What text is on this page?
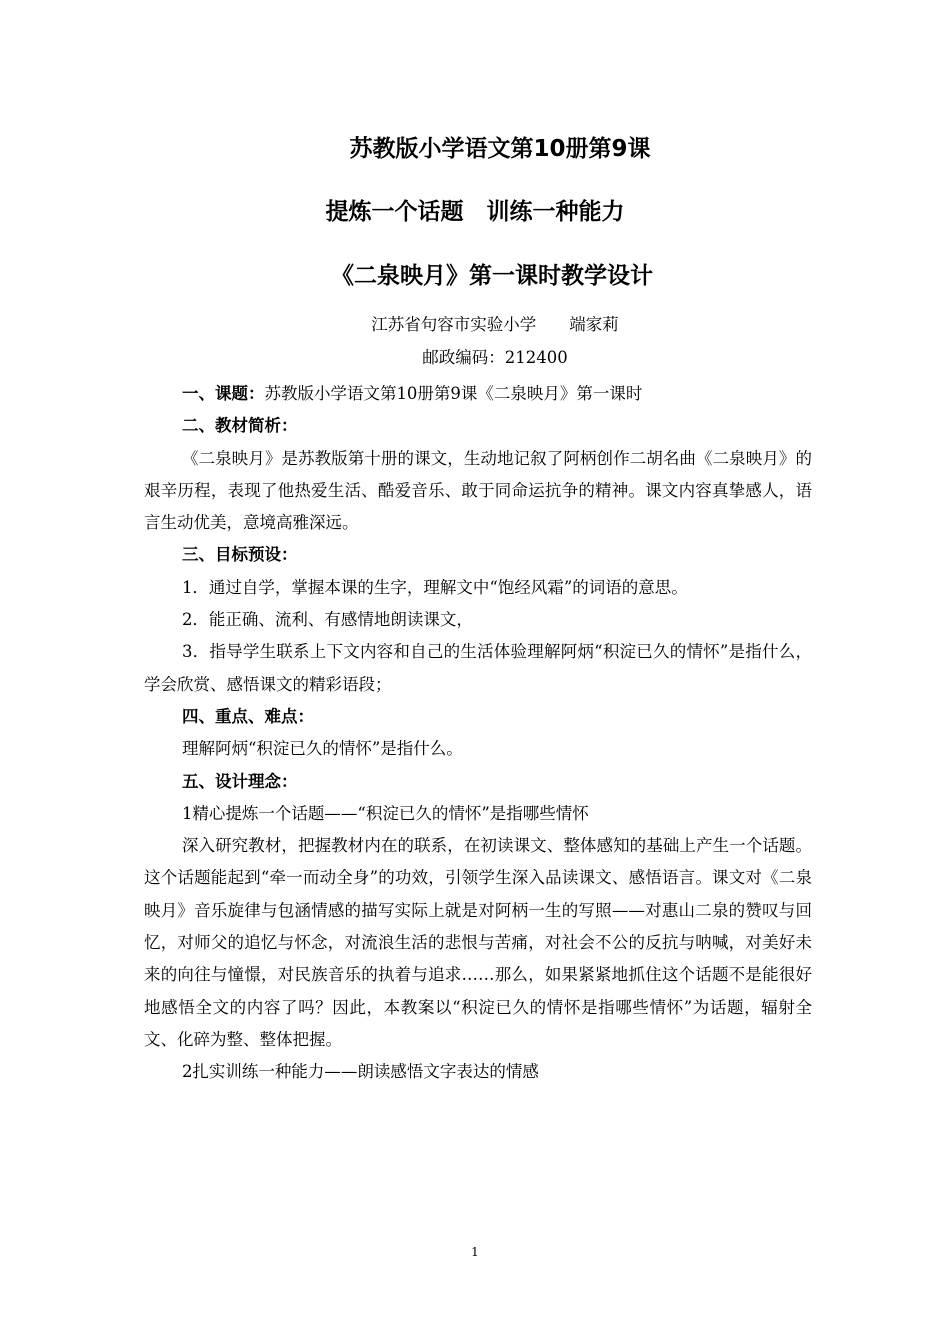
苏教版小学语文第10册第9课
提炼一个话题　训练一种能力
《二泉映月》第一课时教学设计
江苏省句容市实验小学　　端家莉
邮政编码：212400

一、课题：苏教版小学语文第10册第9课《二泉映月》第一课时

二、教材简析：

《二泉映月》是苏教版第十册的课文，生动地记叙了阿柄创作二胡名曲《二泉映月》的艰辛历程，表现了他热爱生活、酷爱音乐、敢于同命运抗争的精神。课文内容真挚感人，语言生动优美，意境高雅深远。

三、目标预设：

1．通过自学，掌握本课的生字，理解文中“饱经风霜”的词语的意思。

2．能正确、流利、有感情地朗读课文，

3．指导学生联系上下文内容和自己的生活体验理解阿炳“积淀已久的情怀”是指什么，学会欣赏、感悟课文的精彩语段；

四、重点、难点：

理解阿炳“积淀已久的情怀”是指什么。

五、设计理念：

1精心提炼一个话题——“积淀已久的情怀”是指哪些情怀

深入研究教材，把握教材内在的联系，在初读课文、整体感知的基础上产生一个话题。这个话题能起到“牵一而动全身”的功效，引领学生深入品读课文、感悟语言。课文对《二泉映月》音乐旋律与包涵情感的描写实际上就是对阿柄一生的写照——对惠山二泉的赞叹与回忆，对师父的追忆与怀念，对流浪生活的悲恨与苦痛，对社会不公的反抗与呐喊，对美好未来的向往与憧憬，对民族音乐的执着与追求……那么，如果紧紧地抓住这个话题不是能很好地感悟全文的内容了吗？因此，本教案以“积淀已久的情怀是指哪些情怀”为话题，辐射全文、化碎为整、整体把握。

2扎实训练一种能力——朗读感悟文字表达的情感

1
